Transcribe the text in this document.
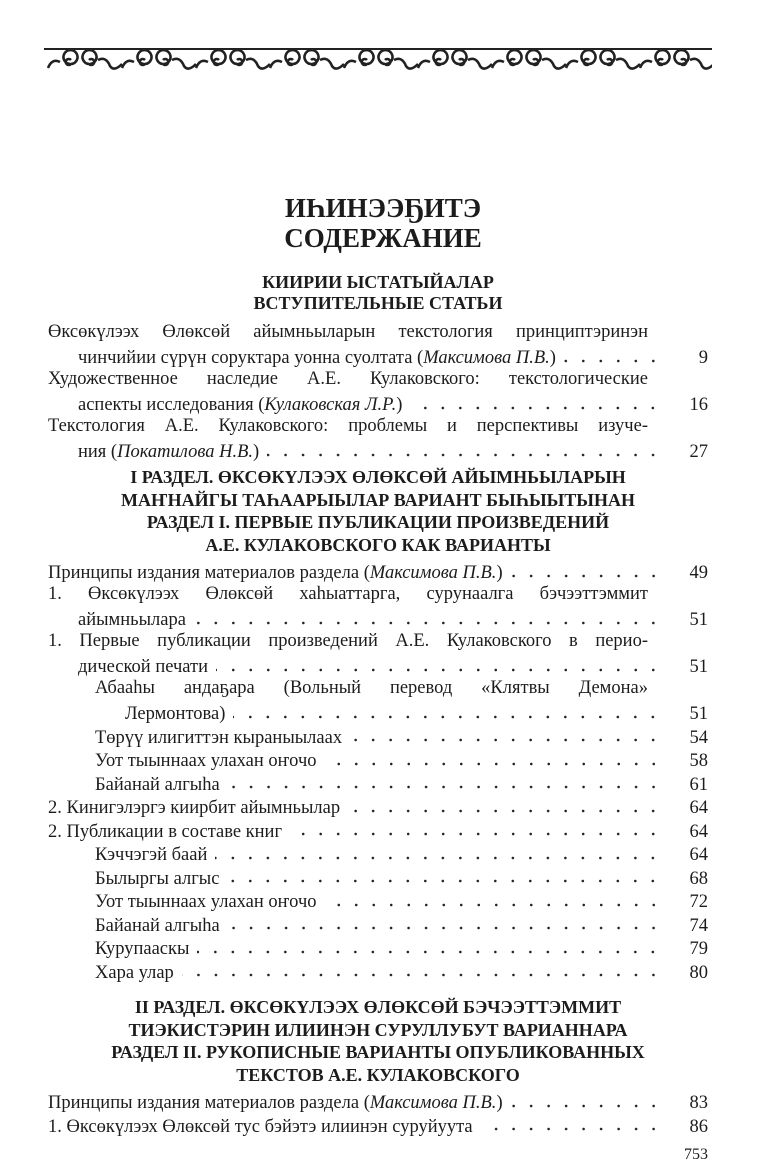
ИҺИНЭЭҔИТЭ
СОДЕРЖАНИЕ
КИИРИИ ЫСТАТЫЙАЛАР
ВСТУПИТЕЛЬНЫЕ СТАТЬИ
Өксөкүлээх Өлөксөй айымньыларын текстология принциптэринэн
чинчийии сүрүн соруктара уонна суолтата (Максимова П.В.)	9
Художественное наследие А.Е. Кулаковского: текстологические
аспекты исследования (Кулаковская Л.Р.)	16
Текстология А.Е. Кулаковского: проблемы и перспективы изуче-
ния (Покатилова Н.В.)	27
I РАЗДЕЛ. ӨКСӨКҮЛЭЭХ ӨЛӨКСӨЙ АЙЫМНЬЫЛАРЫН
МАҤНАЙГЫ ТАҺААРЫЫЛАР ВАРИАНТ БЫҺЫЫТЫНАН
РАЗДЕЛ I. ПЕРВЫЕ ПУБЛИКАЦИИ ПРОИЗВЕДЕНИЙ
А.Е. КУЛАКОВСКОГО КАК ВАРИАНТЫ
Принципы издания материалов раздела (Максимова П.В.)	49
1. Өксөкүлээх Өлөксөй хаһыаттарга, сурунаалга бэчээттэммит
айымньылара	51
1. Первые публикации произведений А.Е. Кулаковского в перио-
дической печати	51
Абааһы андаҕара (Вольный перевод «Клятвы Демона»
Лермонтова)	51
Төрүү илигиттэн кыраныылаах	54
Уот тыыннаах улахан оҥочо	58
Байанай алгыһа	61
2. Кинигэлэргэ киирбит айымньылар	64
2. Публикации в составе книг	64
Кэччэгэй баай	64
Былыргы алгыс	68
Уот тыыннаах улахан оҥочо	72
Байанай алгыһа	74
Курупааскы	79
Хара улар	80
II РАЗДЕЛ. ӨКСӨКҮЛЭЭХ ӨЛӨКСӨЙ БЭЧЭЭТТЭММИТ
ТИЭКИСТЭРИН ИЛИИНЭН СУРУЛЛУБУТ ВАРИАННАРА
РАЗДЕЛ II. РУКОПИСНЫЕ ВАРИАНТЫ ОПУБЛИКОВАННЫХ
ТЕКСТОВ А.Е. КУЛАКОВСКОГО
Принципы издания материалов раздела (Максимова П.В.)	83
1. Өксөкүлээх Өлөксөй тус бэйэтэ илиинэн суруйуута	86
753
